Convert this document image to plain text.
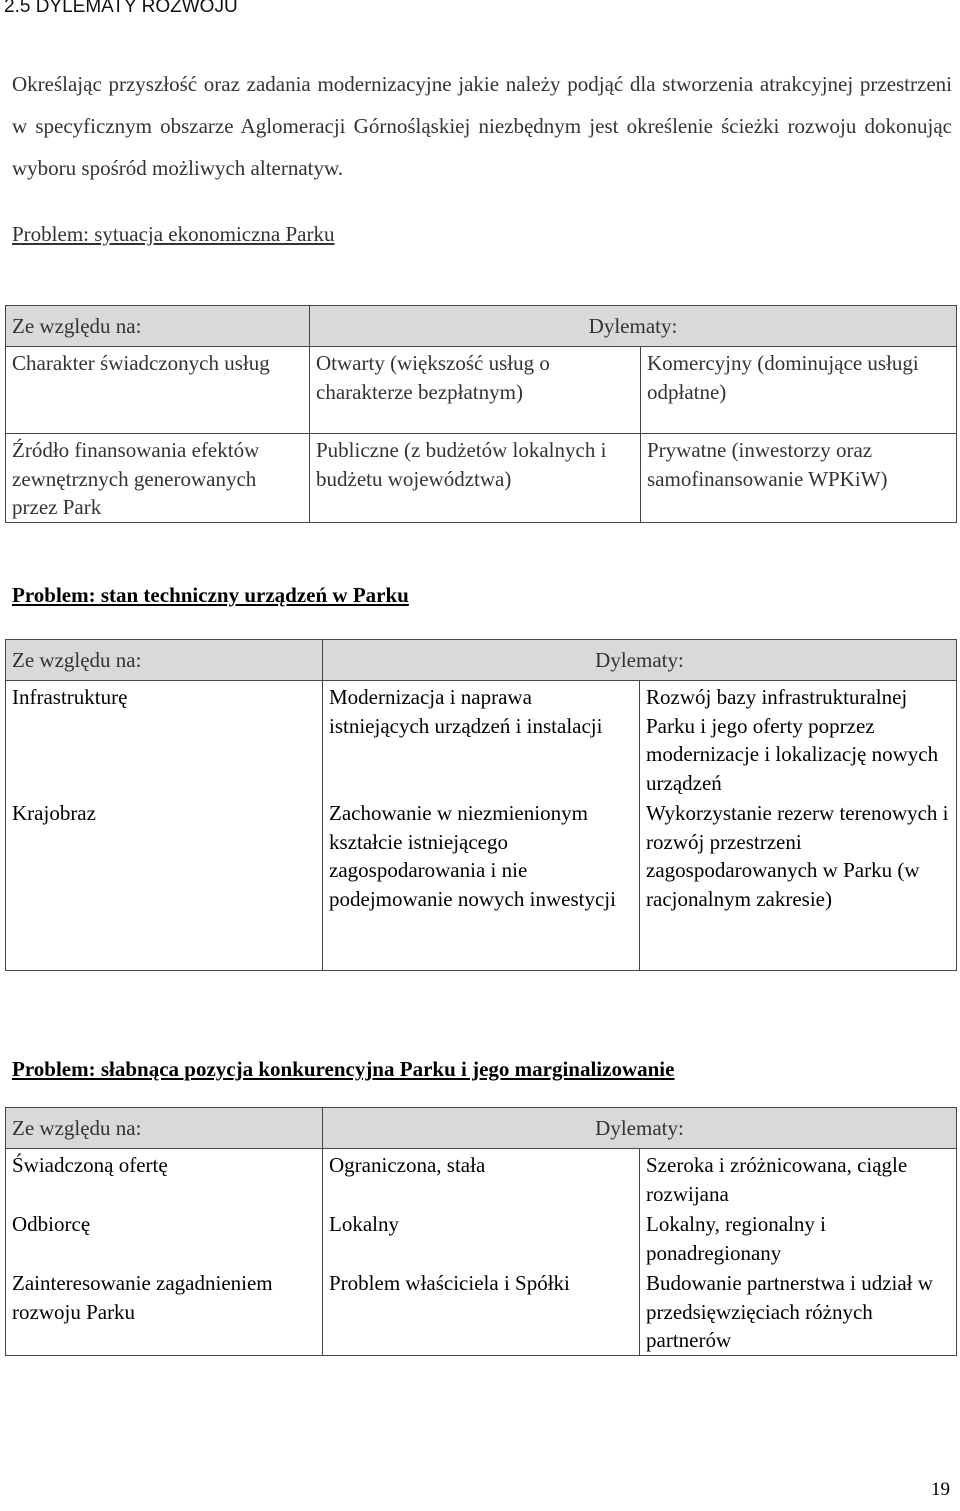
2.5 DYLEMATY ROZWOJU

Określając przyszłość oraz zadania modernizacyjne jakie należy podjąć dla stworzenia atrakcyjnej przestrzeni w specyficznym obszarze Aglomeracji Górnośląskiej niezbędnym jest określenie ścieżki rozwoju dokonując wyboru spośród możliwych alternatyw.

Problem: sytuacja ekonomiczna Parku
Ze względu na:	Dylematy:	
Charakter świadczonych usług	Otwarty (większość usług o charakterze bezpłatnym)	Komercyjny (dominujące usługi odpłatne)
Źródło finansowania efektów zewnętrznych generowanych przez Park	Publiczne (z budżetów lokalnych i budżetu województwa)	Prywatne (inwestorzy oraz samofinansowanie WPKiW)
Problem: stan techniczny urządzeń w Parku
Ze względu na:	Dylematy:	
Infrastrukturę	Modernizacja i naprawa istniejących urządzeń i instalacji	Rozwój bazy infrastrukturalnej Parku i jego oferty poprzez modernizacje i lokalizację nowych urządzeń
Krajobraz	Zachowanie w niezmienionym kształcie istniejącego zagospodarowania i nie podejmowanie nowych inwestycji	Wykorzystanie rezerw terenowych i rozwój przestrzeni zagospodarowanych w Parku (w racjonalnym zakresie)
Problem: słabnąca pozycja konkurencyjna Parku i jego marginalizowanie
Ze względu na:	Dylematy:	
Świadczoną ofertę	Ograniczona, stała	Szeroka i zróżnicowana, ciągle rozwijana
Odbiorcę	Lokalny	Lokalny, regionalny i ponadregionany
Zainteresowanie zagadnieniem rozwoju Parku	Problem właściciela i Spółki	Budowanie partnerstwa i udział w przedsięwzięciach różnych partnerów
19
